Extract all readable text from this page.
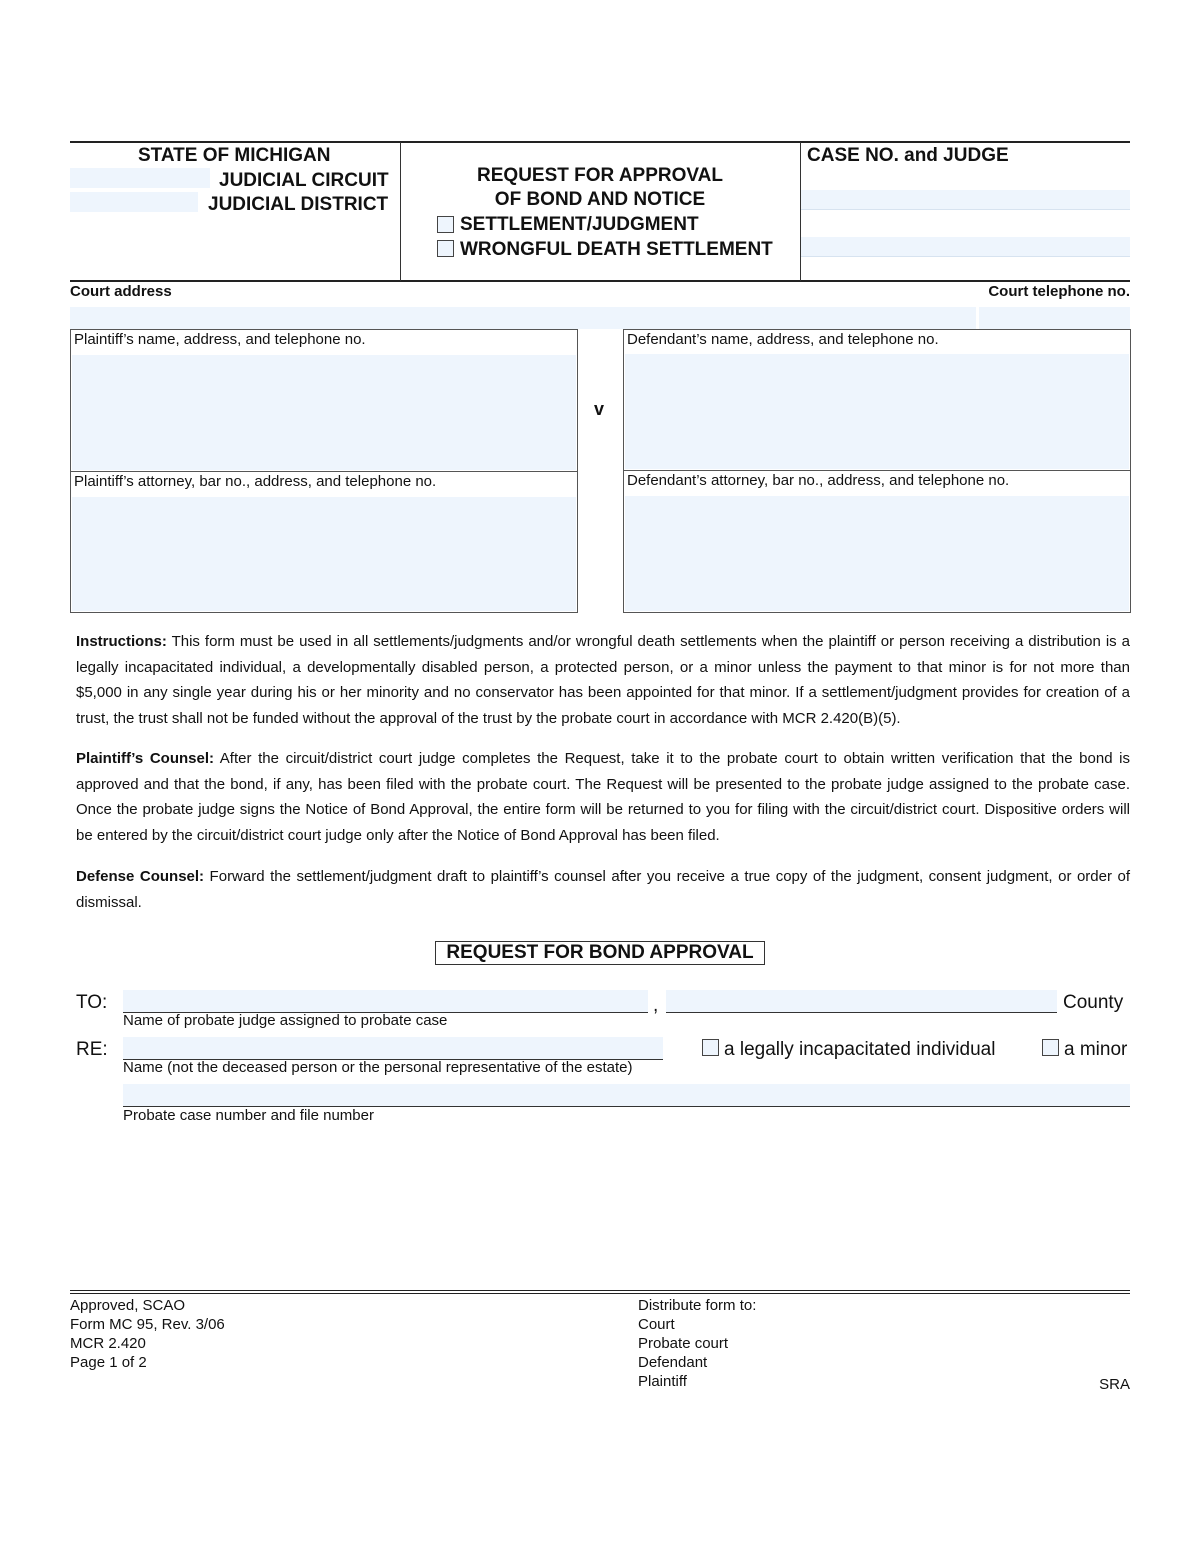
STATE OF MICHIGAN
JUDICIAL CIRCUIT
JUDICIAL DISTRICT
REQUEST FOR APPROVAL
OF BOND AND NOTICE
SETTLEMENT/JUDGMENT
WRONGFUL DEATH SETTLEMENT
CASE NO. and JUDGE
Court address	Court telephone no.
Plaintiff’s name, address, and telephone no.
Plaintiff’s attorney, bar no., address, and telephone no.
v
Defendant’s name, address, and telephone no.
Defendant’s attorney, bar no., address, and telephone no.
Instructions: This form must be used in all settlements/judgments and/or wrongful death settlements when the plaintiff or person receiving a distribution is a legally incapacitated individual, a developmentally disabled person, a protected person, or a minor unless the payment to that minor is for not more than $5,000 in any single year during his or her minority and no conservator has been appointed for that minor. If a settlement/judgment provides for creation of a trust, the trust shall not be funded without the approval of the trust by the probate court in accordance with MCR 2.420(B)(5).
Plaintiff’s Counsel: After the circuit/district court judge completes the Request, take it to the probate court to obtain written verification that the bond is approved and that the bond, if any, has been filed with the probate court. The Request will be presented to the probate judge assigned to the probate case. Once the probate judge signs the Notice of Bond Approval, the entire form will be returned to you for filing with the circuit/district court. Dispositive orders will be entered by the circuit/district court judge only after the Notice of Bond Approval has been filed.
Defense Counsel: Forward the settlement/judgment draft to plaintiff’s counsel after you receive a true copy of the judgment, consent judgment, or order of dismissal.
REQUEST FOR BOND APPROVAL
TO:	,	County
Name of probate judge assigned to probate case
RE:	a legally incapacitated individual	a minor
Name (not the deceased person or the personal representative of the estate)
Probate case number and file number
Approved, SCAO
Form MC 95, Rev. 3/06
MCR 2.420
Page 1 of 2
Distribute form to:
Court
Probate court
Defendant
Plaintiff	SRA
